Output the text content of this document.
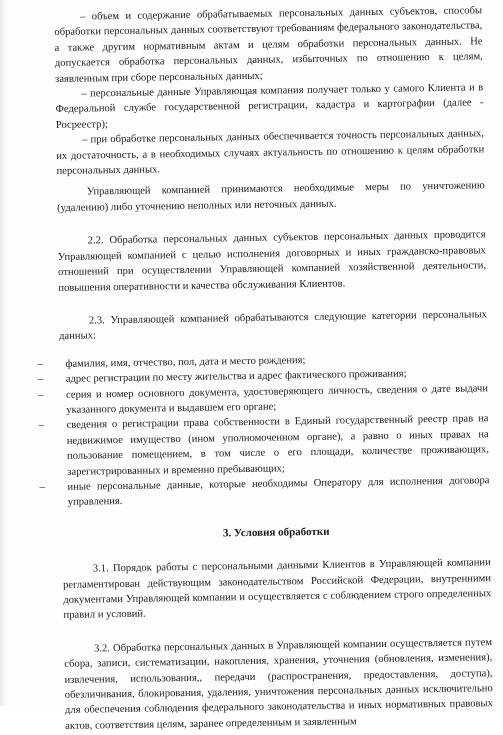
– объем и содержание обрабатываемых персональных данных субъектов, способы обработки персональных данных соответствуют требованиям федерального законодательства, а также другим нормативным актам и целям обработки персональных данных. Не допускается обработка персональных данных, избыточных по отношению к целям, заявленным при сборе персональных данных;

– персональные данные Управляющая компания получает только у самого Клиента и в Федеральной службе государственной регистрации, кадастра и картографии (далее - Росреестр);

– при обработке персональных данных обеспечивается точность персональных данных, их достаточность, а в необходимых случаях актуальность по отношению к целям обработки персональных данных.

Управляющей компанией принимаются необходимые меры по уничтожению (удалению) либо уточнению неполных или неточных данных.

2.2. Обработка персональных данных субъектов персональных данных проводится Управляющей компанией с целью исполнения договорных и иных гражданско-правовых отношений при осуществлении Управляющей компанией хозяйственной деятельности, повышения оперативности и качества обслуживания Клиентов.

2.3. Управляющей компанией обрабатываются следующие категории персональных данных:

– фамилия, имя, отчество, пол, дата и место рождения;
– адрес регистрации по месту жительства и адрес фактического проживания;
– серия и номер основного документа, удостоверяющего личность, сведения о дате выдачи указанного документа и выдавшем его органе;
– сведения о регистрации права собственности в Единый государственный реестр прав на недвижимое имущество (ином уполномоченном органе), а равно о иных правах на пользование помещением, в том числе о его площади, количестве проживающих, зарегистрированных и временно пребывающих;
– иные персональные данные, которые необходимы Оператору для исполнения договора управления.
3. Условия обработки

3.1. Порядок работы с персональными данными Клиентов в Управляющей компании регламентирован действующим законодательством Российской Федерации, внутренними документами Управляющей компании и осуществляется с соблюдением строго определенных правил и условий.

3.2. Обработка персональных данных в Управляющей компании осуществляется путем сбора, записи, систематизации, накопления, хранения, уточнения (обновления, изменения), извлечения, использования,, передачи (распространения, предоставления, доступа), обезличивания, блокирования, удаления, уничтожения персональных данных исключительно для обеспечения соблюдения федерального законодательства и иных нормативных правовых актов, соответствия целям, заранее определенным и заявленным
